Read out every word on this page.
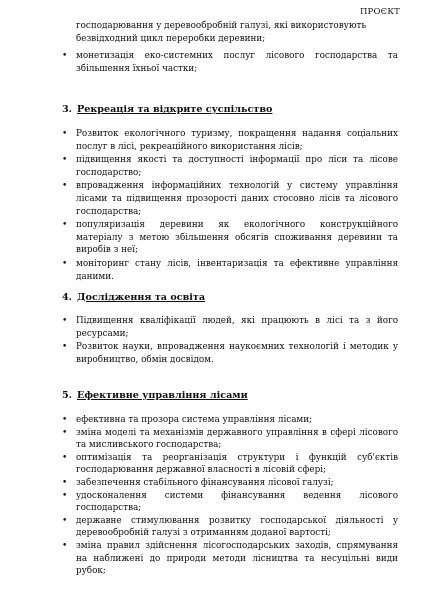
ПРОЄКТ
господарювання у деревообробній галузі, які використовують
безвідходний цикл переробки деревини;
• монетизація еко-системних послуг лісового господарства та збільшення їхньої частки;
3. Рекреація та відкрите суспільство
• Розвиток екологічного туризму, покращення надання соціальних послуг в лісі, рекреаційного використання лісів;
• підвищення якості та доступності інформації про ліси та лісове господарство;
• впровадження інформаційних технологій у систему управління лісами та підвищення прозорості даних стосовно лісів та лісового господарства;
• популяризація деревини як екологічного конструкційного матеріалу з метою збільшення обсягів споживання деревини та виробів з неї;
• моніторинг стану лісів, інвентаризація та ефективне управління даними.
4. Дослідження та освіта
• Підвищення кваліфікації людей, які працюють в лісі та з його ресурсами;
• Розвиток науки, впровадження наукоємних технологій і методик у виробництво, обмін досвідом.
5. Ефективне управління лісами
• ефективна та прозора система управління лісами;
• зміна моделі та механізмів державного управління в сфері лісового та мисливського господарства;
• оптимізація та реорганізація структури і функцій суб'єктів господарювання державної власності в лісовій сфері;
• забезпечення стабільного фінансування лісової галузі;
• удосконалення системи фінансування ведення лісового господарства;
• державне стимулювання розвитку господарської діяльності у деревообробній галузі з отриманням доданої вартості;
• зміна правил здійснення лісогосподарських заходів, спрямування на наближені до природи методи лісництва та несуцільні види рубок;
